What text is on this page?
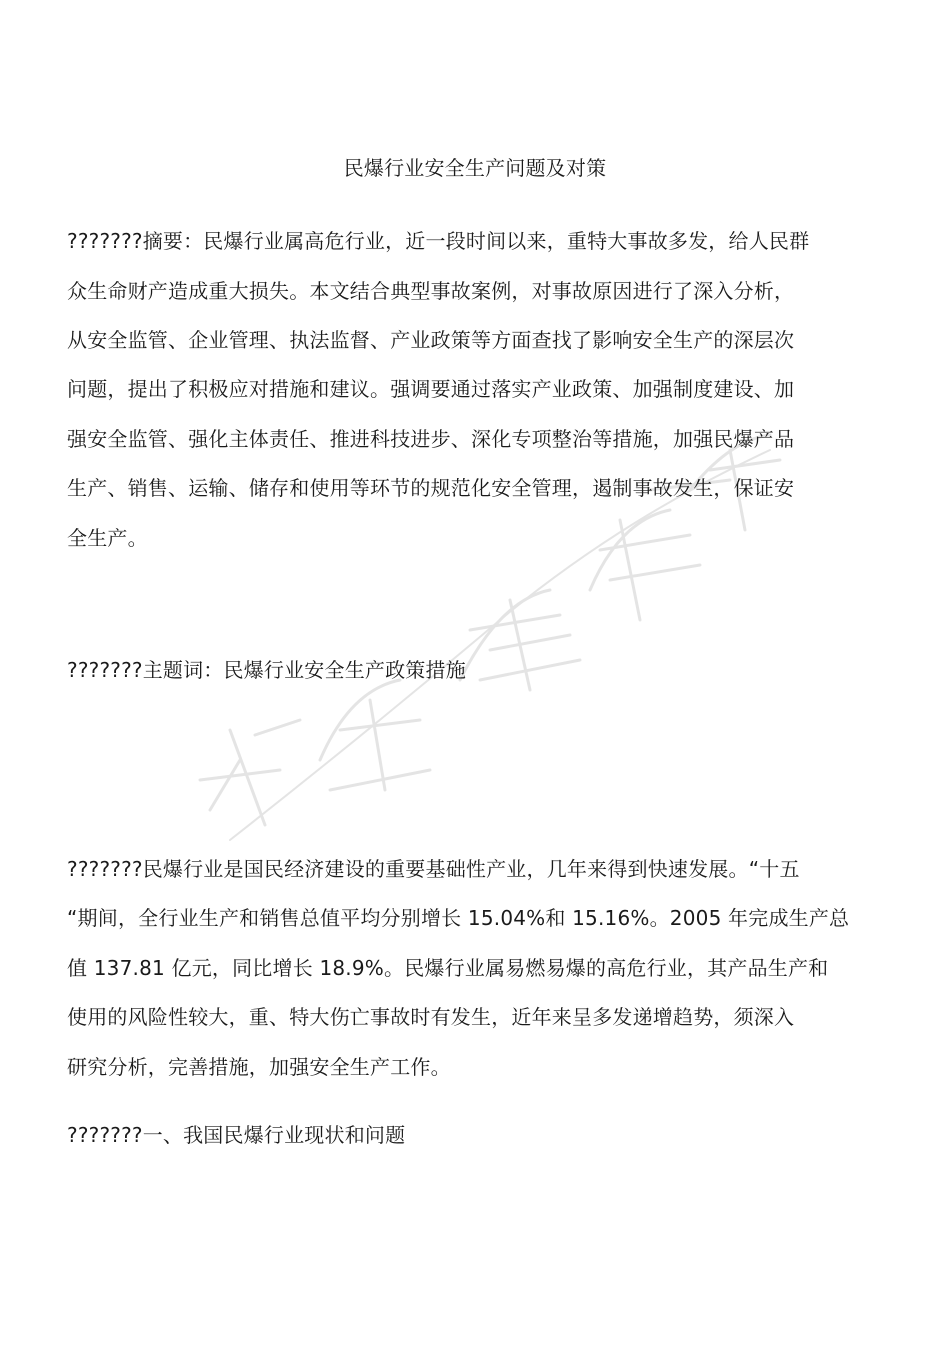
民爆行业安全生产问题及对策
???????摘要：民爆行业属高危行业，近一段时间以来，重特大事故多发，给人民群
众生命财产造成重大损失。本文结合典型事故案例，对事故原因进行了深入分析，
从安全监管、企业管理、执法监督、产业政策等方面查找了影响安全生产的深层次
问题，提出了积极应对措施和建议。强调要通过落实产业政策、加强制度建设、加
强安全监管、强化主体责任、推进科技进步、深化专项整治等措施，加强民爆产品
生产、销售、运输、储存和使用等环节的规范化安全管理，遏制事故发生，保证安
全生产。
???????主题词：民爆行业安全生产政策措施
???????民爆行业是国民经济建设的重要基础性产业，几年来得到快速发展。“十五
“期间，全行业生产和销售总值平均分别增长 15.04%和 15.16%。2005 年完成生产总
值 137.81 亿元，同比增长 18.9%。民爆行业属易燃易爆的高危行业，其产品生产和
使用的风险性较大，重、特大伤亡事故时有发生，近年来呈多发递增趋势，须深入
研究分析，完善措施，加强安全生产工作。
???????一、我国民爆行业现状和问题
